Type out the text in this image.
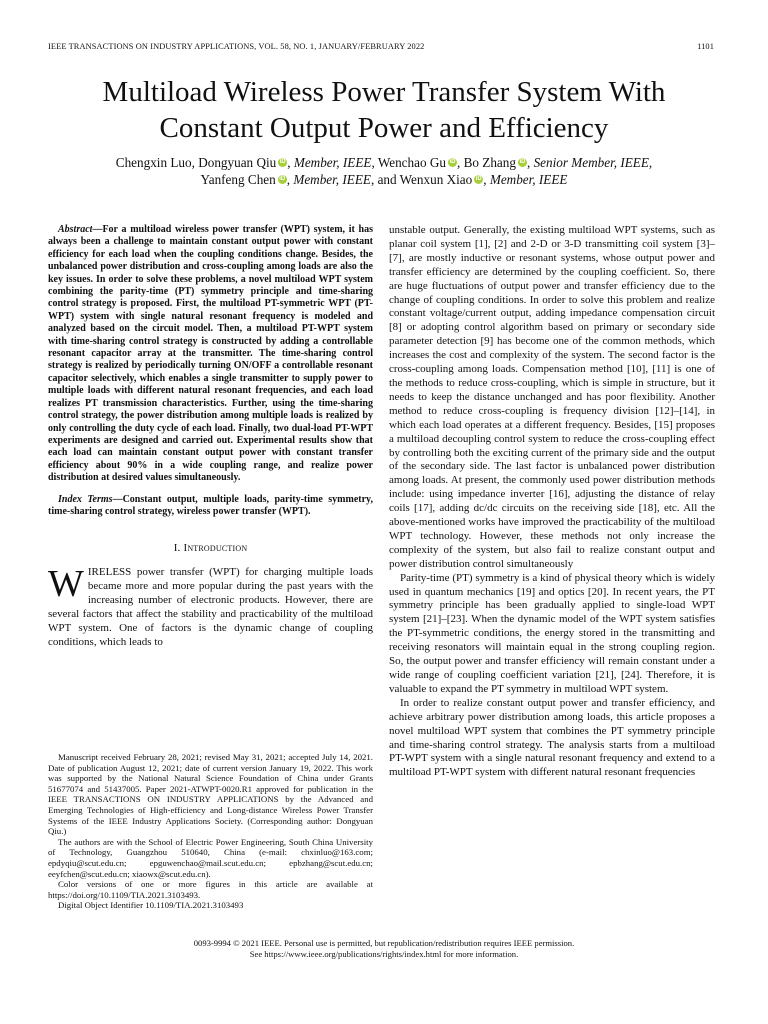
IEEE TRANSACTIONS ON INDUSTRY APPLICATIONS, VOL. 58, NO. 1, JANUARY/FEBRUARY 2022	1101
Multiload Wireless Power Transfer System With
Constant Output Power and Efficiency
Chengxin Luo, Dongyuan Qiu iD , Member, IEEE, Wenchao Gu iD , Bo Zhang iD , Senior Member, IEEE,
Yanfeng Chen iD , Member, IEEE, and Wenxun Xiao iD , Member, IEEE

Abstract—For a multiload wireless power transfer (WPT) system, it has always been a challenge to maintain constant output power with constant efficiency for each load when the coupling conditions change. Besides, the unbalanced power distribution and cross-coupling among loads are also the key issues. In order to solve these problems, a novel multiload WPT system combining the parity-time (PT) symmetry principle and time-sharing control strategy is proposed. First, the multiload PT-symmetric WPT (PT-WPT) system with single natural resonant frequency is modeled and analyzed based on the circuit model. Then, a multiload PT-WPT system with time-sharing control strategy is constructed by adding a controllable resonant capacitor array at the transmitter. The time-sharing control strategy is realized by periodically turning ON/OFF a controllable resonant capacitor selectively, which enables a single transmitter to supply power to multiple loads with different natural resonant frequencies, and each load realizes PT transmission characteristics. Further, using the time-sharing control strategy, the power distribution among multiple loads is realized by only controlling the duty cycle of each load. Finally, two dual-load PT-WPT experiments are designed and carried out. Experimental results show that each load can maintain constant output power with constant transfer efficiency about 90% in a wide coupling range, and realize power distribution at desired values simultaneously.

Index Terms—Constant output, multiple loads, parity-time symmetry, time-sharing control strategy, wireless power transfer (WPT).

I. Introduction

WIRELESS power transfer (WPT) for charging multiple loads became more and more popular during the past years with the increasing number of electronic products. However, there are several factors that affect the stability and practicability of the multiload WPT system. One of factors is the dynamic change of coupling conditions, which leads to

Manuscript received February 28, 2021; revised May 31, 2021; accepted July 14, 2021. Date of publication August 12, 2021; date of current version January 19, 2022. This work was supported by the National Natural Science Foundation of China under Grants 51677074 and 51437005. Paper 2021-ATWPT-0020.R1 approved for publication in the IEEE TRANSACTIONS ON INDUSTRY APPLICATIONS by the Advanced and Emerging Technologies of High-efficiency and Long-distance Wireless Power Transfer Systems of the IEEE Industry Applications Society. (Corresponding author: Dongyuan Qiu.)

The authors are with the School of Electric Power Engineering, South China University of Technology, Guangzhou 510640, China (e-mail: chxinluo@163.com; epdyqiu@scut.edu.cn; epguwenchao@mail.scut.edu.cn; epbzhang@scut.edu.cn; eeyfchen@scut.edu.cn; xiaowx@scut.edu.cn).

Color versions of one or more figures in this article are available at https://doi.org/10.1109/TIA.2021.3103493.

Digital Object Identifier 10.1109/TIA.2021.3103493

unstable output. Generally, the existing multiload WPT systems, such as planar coil system [1], [2] and 2-D or 3-D transmitting coil system [3]–[7], are mostly inductive or resonant systems, whose output power and transfer efficiency are determined by the coupling coefficient. So, there are huge fluctuations of output power and transfer efficiency due to the change of coupling conditions. In order to solve this problem and realize constant voltage/current output, adding impedance compensation circuit [8] or adopting control algorithm based on primary or secondary side parameter detection [9] has become one of the common methods, which increases the cost and complexity of the system. The second factor is the cross-coupling among loads. Compensation method [10], [11] is one of the methods to reduce cross-coupling, which is simple in structure, but it needs to keep the distance unchanged and has poor flexibility. Another method to reduce cross-coupling is frequency division [12]–[14], in which each load operates at a different frequency. Besides, [15] proposes a multiload decoupling control system to reduce the cross-coupling effect by controlling both the exciting current of the primary side and the output of the secondary side. The last factor is unbalanced power distribution among loads. At present, the commonly used power distribution methods include: using impedance inverter [16], adjusting the distance of relay coils [17], adding dc/dc circuits on the receiving side [18], etc. All the above-mentioned works have improved the practicability of the multiload WPT technology. However, these methods not only increase the complexity of the system, but also fail to realize constant output and power distribution control simultaneously

Parity-time (PT) symmetry is a kind of physical theory which is widely used in quantum mechanics [19] and optics [20]. In recent years, the PT symmetry principle has been gradually applied to single-load WPT system [21]–[23]. When the dynamic model of the WPT system satisfies the PT-symmetric conditions, the energy stored in the transmitting and receiving resonators will maintain equal in the strong coupling region. So, the output power and transfer efficiency will remain constant under a wide range of coupling coefficient variation [21], [24]. Therefore, it is valuable to expand the PT symmetry in multiload WPT system.

In order to realize constant output power and transfer efficiency, and achieve arbitrary power distribution among loads, this article proposes a novel multiload WPT system that combines the PT symmetry principle and time-sharing control strategy. The analysis starts from a multiload PT-WPT system with a single natural resonant frequency and extend to a multiload PT-WPT system with different natural resonant frequencies

0093-9994 © 2021 IEEE. Personal use is permitted, but republication/redistribution requires IEEE permission.
See https://www.ieee.org/publications/rights/index.html for more information.
